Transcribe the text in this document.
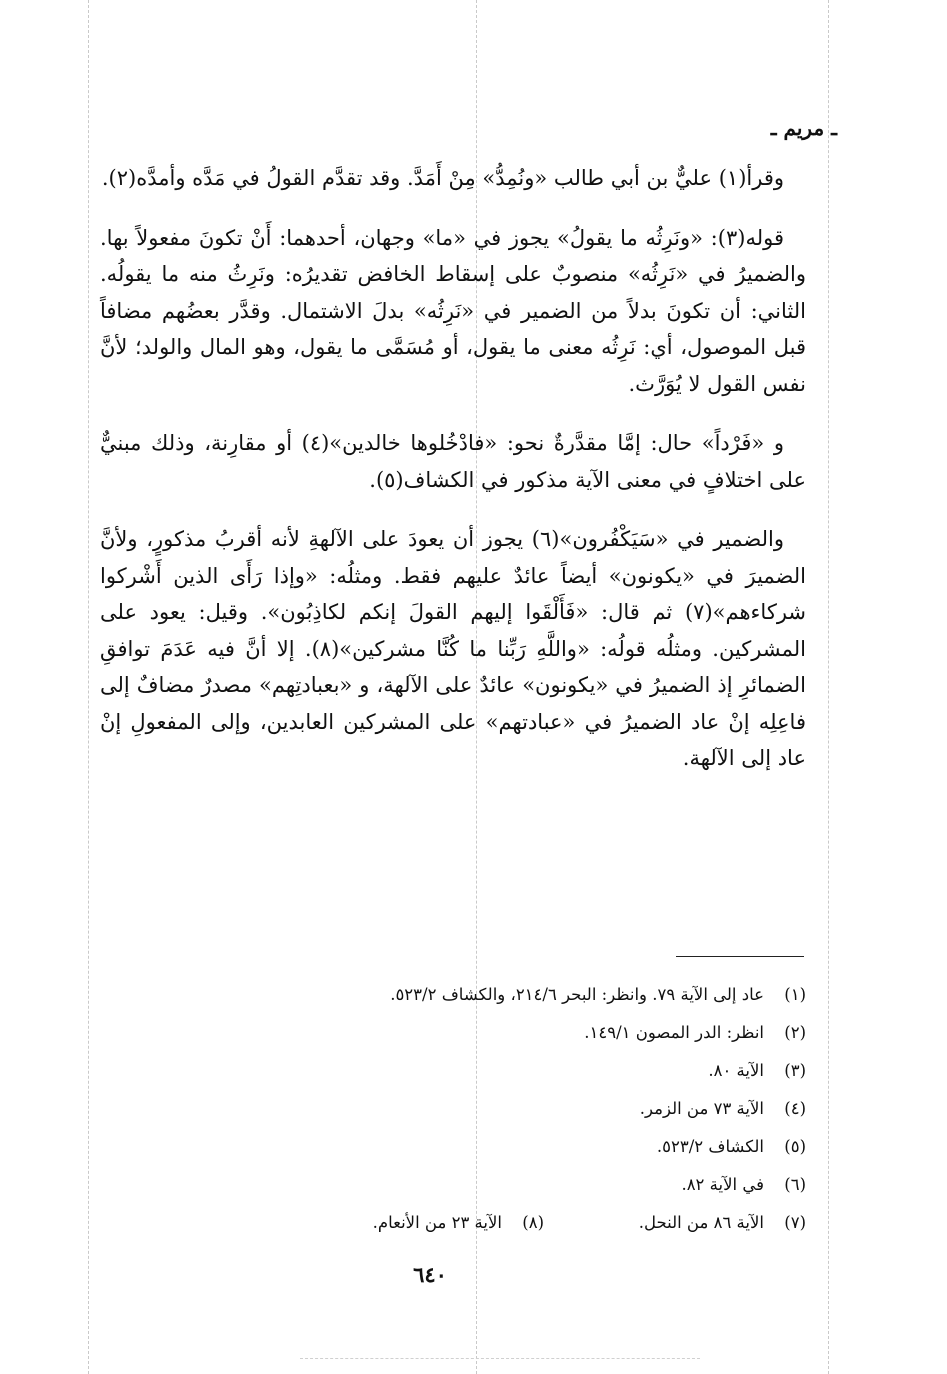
ـ مريم ـ

وقرأ(١) عليٌّ بن أبي طالب «ونُمِدُّ» مِنْ أَمَدَّ. وقد تقدَّم القولُ في مَدَّه وأمدَّه(٢).

قوله(٣): «ونَرِثُه ما يقولُ» يجوز في «ما» وجهان، أحدهما: أَنْ تكونَ مفعولاً بها. والضميرُ في «نَرِثُه» منصوبٌ على إسقاط الخافض تقديرُه: ونَرِثُ منه ما يقولُه. الثاني: أن تكونَ بدلاً من الضمير في «نَرِثُه» بدلَ الاشتمال. وقدَّر بعضُهم مضافاً قبل الموصول، أي: نَرِثُه معنى ما يقول، أو مُسَمَّى ما يقول، وهو المال والولد؛ لأنَّ نفس القول لا يُوَرَّث.

و «فَرْداً» حال: إمَّا مقدَّرةٌ نحو: «فادْخُلوها خالدين»(٤) أو مقارِنة، وذلك مبنيٌّ على اختلافٍ في معنى الآية مذكور في الكشاف(٥).

والضمير في «سَيَكْفُرون»(٦) يجوز أن يعودَ على الآلهةِ لأنه أقربُ مذكورٍ، ولأنَّ الضميرَ في «يكونون» أيضاً عائدٌ عليهم فقط. ومثلُه: «وإذا رَأَى الذين أَشْركوا شركاءهم»(٧) ثم قال: «فَأَلْقَوا إليهم القولَ إنكم لكاذِبُون». وقيل: يعود على المشركين. ومثلُه قولُه: «واللَّهِ رَبِّنا ما كُنَّا مشركين»(٨). إلا أنَّ فيه عَدَمَ توافقِ الضمائرِ إذ الضميرُ في «يكونون» عائدٌ على الآلهة، و «بعبادتِهم» مصدرٌ مضافٌ إلى فاعِلِه إنْ عاد الضميرُ في «عبادتهم» على المشركين العابدين، وإلى المفعولِ إنْ عاد إلى الآلهة.

(١)
عاد إلى الآية ٧٩. وانظر: البحر ٢١٤/٦، والكشاف ٥٢٣/٢.
(٢)
انظر: الدر المصون ١٤٩/١.
(٣)
الآية ٨٠.
(٤)
الآية ٧٣ من الزمر.
(٥)
الكشاف ٥٢٣/٢.
(٦)
في الآية ٨٢.
(٧)
الآية ٨٦ من النحل.
(٨)
الآية ٢٣ من الأنعام.
٦٤٠
